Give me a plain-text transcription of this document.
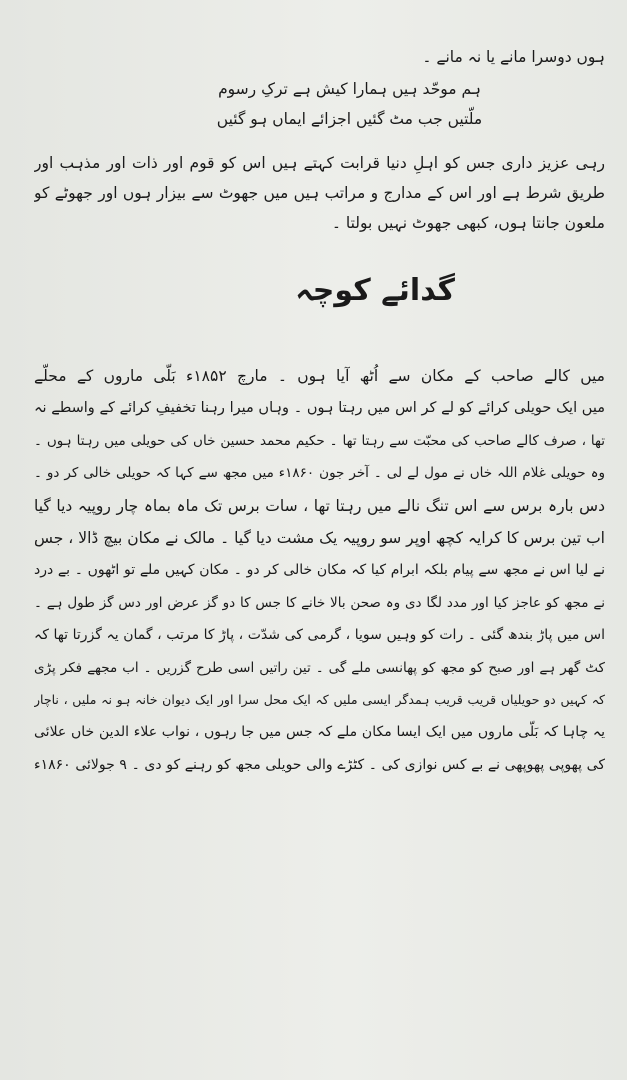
ہوں دوسرا مانے یا نہ مانے ۔
ہم موحّد ہیں ہمارا کیش ہے ترکِ رسوم
ملّتیں جب مٹ گئیں اجزائے ایماں ہو گئیں
رہی عزیز داری جس کو اہلِ دنیا قرابت کہتے ہیں اس کو قوم اور ذات اور مذہب اور
طریق شرط ہے اور اس کے مدارج و مراتب ہیں میں جھوٹ سے بیزار ہوں اور جھوٹے کو
ملعون جانتا ہوں، کبھی جھوٹ نہیں بولتا ۔
گدائے کوچہ
میں کالے صاحب کے مکان سے اُٹھ آیا ہوں ۔ مارچ ۱۸۵۲ء بَلّی ماروں کے محلّے
میں ایک حویلی کرائے کو لے کر اس میں رہتا ہوں ۔ وہاں میرا رہنا تخفیفِ کرائے کے واسطے نہ
تھا ، صرف کالے صاحب کی محبّت سے رہتا تھا ۔ حکیم محمد حسین خاں کی حویلی میں رہتا ہوں ۔
وہ حویلی غلام اللہ خاں نے مول لے لی ۔ آخر جون ۱۸۶۰ء میں مجھ سے کہا کہ حویلی خالی کر دو ۔
دس بارہ برس سے اس تنگ نالے میں رہتا تھا ، سات برس تک ماہ بماہ چار روپیہ دیا گیا
اب تین برس کا کرایہ کچھ اوپر سو روپیہ یک مشت دیا گیا ۔ مالک نے مکان بیچ ڈالا ، جس
نے لیا اس نے مجھ سے پیام بلکہ ابرام کیا کہ مکان خالی کر دو ۔ مکان کہیں ملے تو اٹھوں ۔ بے درد
نے مجھ کو عاجز کیا اور مدد لگا دی وہ صحن بالا خانے کا جس کا دو گز عرض اور دس گز طول ہے ۔
اس میں پاڑ بندھ گئی ۔ رات کو وہیں سویا ، گرمی کی شدّت ، پاڑ کا مرتب ، گمان یہ گزرتا تھا کہ
کٹ گھر ہے اور صبح کو مجھ کو پھانسی ملے گی ۔ تین راتیں اسی طرح گزریں ۔ اب مجھے فکر پڑی
کہ کہیں دو حویلیاں قریب قریب ہمدگر ایسی ملیں کہ ایک محل سرا اور ایک دیوان خانہ ہو نہ ملیں ، ناچار
یہ چاہا کہ بَلّی ماروں میں ایک ایسا مکان ملے کہ جس میں جا رہوں ، نواب علاء الدین خاں علائی
کی پھوپی پھوپھی نے بے کس نوازی کی ۔ کٹڑے والی حویلی مجھ کو رہنے کو دی ۔ ۹ جولائی ۱۸۶۰ء
